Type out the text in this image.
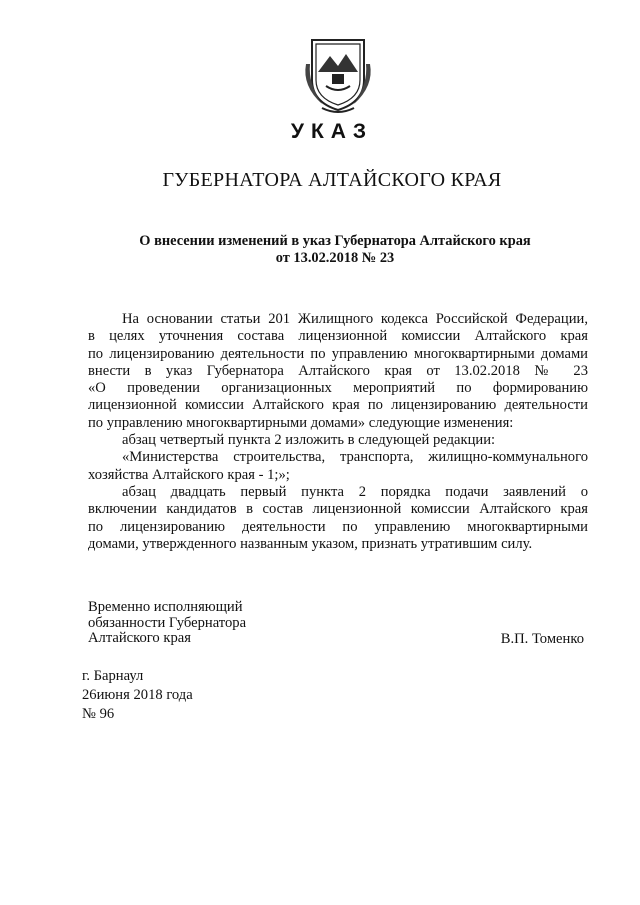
УКАЗ
ГУБЕРНАТОРА АЛТАЙСКОГО КРАЯ
О внесении изменений в указ Губернатора Алтайского края
от 13.02.2018 № 23
На основании статьи 201 Жилищного кодекса Российской Федерации,
в целях уточнения состава лицензионной комиссии Алтайского края
по лицензированию деятельности по управлению многоквартирными домами
внести в указ Губернатора Алтайского края от 13.02.2018 № 23
«О проведении организационных мероприятий по формированию
лицензионной комиссии Алтайского края по лицензированию деятельности
по управлению многоквартирными домами» следующие изменения:
абзац четвертый пункта 2 изложить в следующей редакции:
«Министерства строительства, транспорта, жилищно-коммунального
хозяйства Алтайского края - 1;»;
абзац двадцать первый пункта 2 порядка подачи заявлений о
включении кандидатов в состав лицензионной комиссии Алтайского края
по лицензированию деятельности по управлению многоквартирными
домами, утвержденного названным указом, признать утратившим силу.
Временно исполняющий
обязанности Губернатора
Алтайского края	В.П. Томенко
г. Барнаул
26июня 2018 года
№ 96
